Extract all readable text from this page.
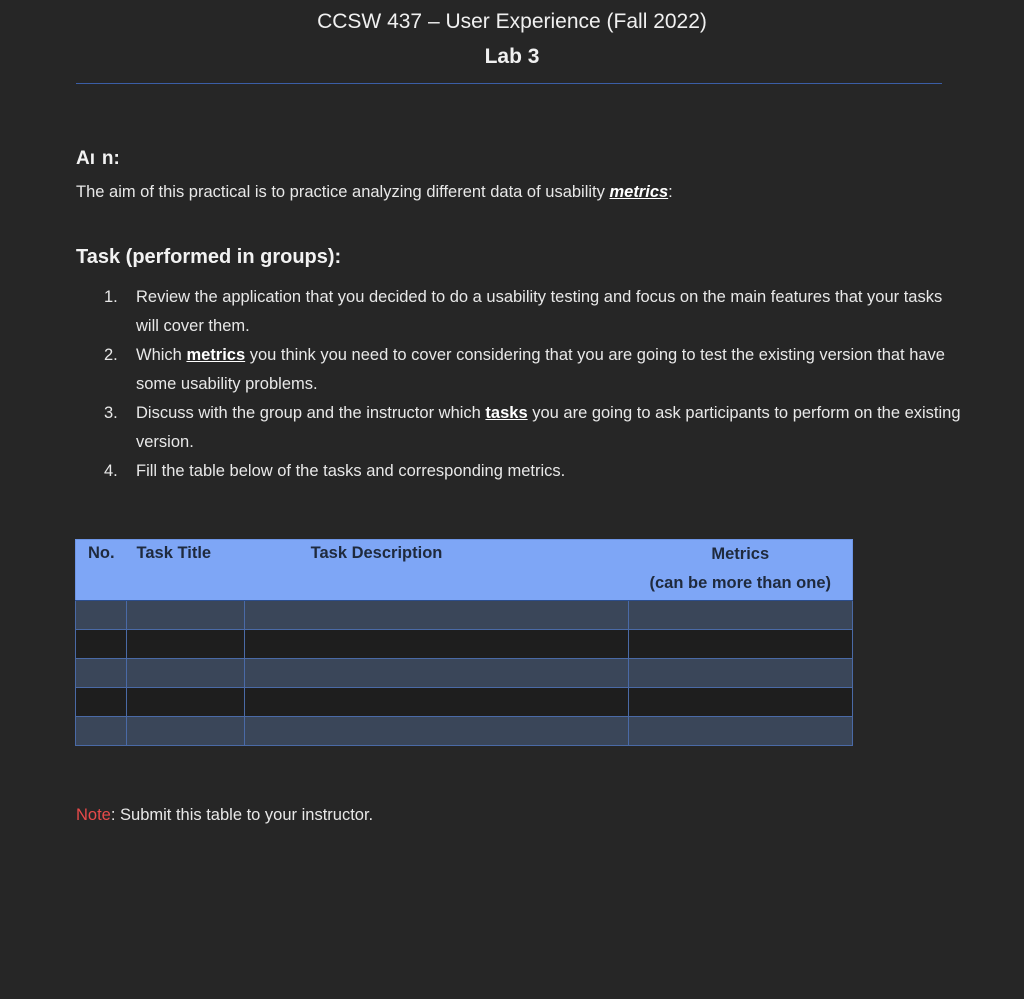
CCSW 437 – User Experience (Fall 2022)
Lab 3
Aı  n:
The aim of this practical is to practice analyzing different data of usability metrics:
Task (performed in groups):
1. Review the application that you decided to do a usability testing and focus on the main features that your tasks will cover them.
2. Which metrics you think you need to cover considering that you are going to test the existing version that have some usability problems.
3. Discuss with the group and the instructor which tasks you are going to ask participants to perform on the existing version.
4. Fill the table below of the tasks and corresponding metrics.
No.	Task Title	Task Description	Metrics
(can be more than one)

Note: Submit this table to your instructor.
